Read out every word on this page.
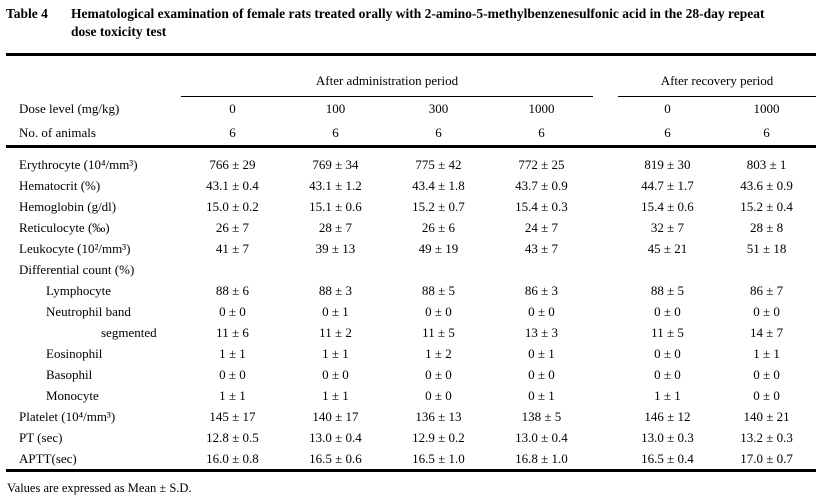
Table 4	Hematological examination of female rats treated orally with 2-amino-5-methylbenzenesulfonic acid in the 28-day repeat dose toxicity test
	After administration period					After recovery period	
Dose level (mg/kg)	0	100	300	1000		0	1000
No. of animals	6	6	6	6		6	6
Erythrocyte (10⁴/mm³)	766 ± 29	769 ± 34	775 ± 42	772 ± 25		819 ± 30	803 ± 1
Hematocrit (%)	43.1 ± 0.4	43.1 ± 1.2	43.4 ± 1.8	43.7 ± 0.9		44.7 ± 1.7	43.6 ± 0.9
Hemoglobin (g/dl)	15.0 ± 0.2	15.1 ± 0.6	15.2 ± 0.7	15.4 ± 0.3		15.4 ± 0.6	15.2 ± 0.4
Reticulocyte (‰)	26 ± 7	28 ± 7	26 ± 6	24 ± 7		32 ± 7	28 ± 8
Leukocyte (10²/mm³)	41 ± 7	39 ± 13	49 ± 19	43 ± 7		45 ± 21	51 ± 18
Differential count (%)							
Lymphocyte	88 ± 6	88 ± 3	88 ± 5	86 ± 3		88 ± 5	86 ± 7
Neutrophil band	0 ± 0	0 ± 1	0 ± 0	0 ± 0		0 ± 0	0 ± 0
segmented	11 ± 6	11 ± 2	11 ± 5	13 ± 3		11 ± 5	14 ± 7
Eosinophil	1 ± 1	1 ± 1	1 ± 2	0 ± 1		0 ± 0	1 ± 1
Basophil	0 ± 0	0 ± 0	0 ± 0	0 ± 0		0 ± 0	0 ± 0
Monocyte	1 ± 1	1 ± 1	0 ± 0	0 ± 1		1 ± 1	0 ± 0
Platelet (10⁴/mm³)	145 ± 17	140 ± 17	136 ± 13	138 ± 5		146 ± 12	140 ± 21
PT (sec)	12.8 ± 0.5	13.0 ± 0.4	12.9 ± 0.2	13.0 ± 0.4		13.0 ± 0.3	13.2 ± 0.3
APTT(sec)	16.0 ± 0.8	16.5 ± 0.6	16.5 ± 1.0	16.8 ± 1.0		16.5 ± 0.4	17.0 ± 0.7
Values are expressed as Mean ± S.D.
